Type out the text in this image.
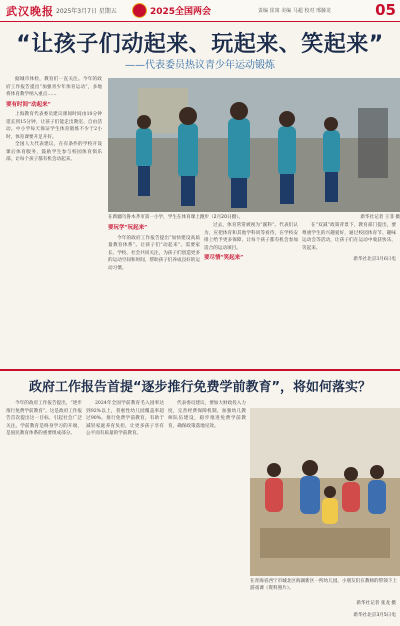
武汉晚报 2025年3月7日 星期五	2025全国两会	责编 崔寓 美编 马超 校对 邢藤龙	05
“让孩子们动起来、玩起来、笑起来”
——代表委员热议青少年运动锻炼

据城市体检，教育们一直关注。今年的政府工作报告提出“加强青少年体育运动”，多地将体育教学纳入重点……

要有时间“动起来”

上海教育代表委员建议课间时间由10分钟延长到15分钟，让孩子们能走出教室、自由活动。中小学每天保证学生体育锻炼不少于2小时，体育课要开足开好。

全国人大代表建议，在有条件的学校开设课后体育服务，鼓励学生参与校园体育俱乐部，让每个孩子都有机会动起来。

在新疆乌鲁木齐市第一小学，学生在体育课上跑步（2月20日摄）。	新华社记者 王菲 摄
要玩学“玩起来”

今年的政府工作报告提出“加快建设高质量教育体系”。让孩子们“动起来”、需要家长、学校、社会共同关注，为孩子们创造更多的运动空间和时间，帮助孩子们养成良好的运动习惯。

过去，体育常常被视为“副科”。代表们认为，应把体育和其他学科同等看待，在学校安排上给予更多保障，让每个孩子都有机会参加适合的运动项目。

要尽情“笑起来”

在“双减”政策背景下，教育部门提出，要尊重学生的兴趣爱好，通过校园体育节、趣味运动会等活动，让孩子们在运动中收获快乐，笑起来。

新华社北京3月6日电

政府工作报告首提“逐步推行免费学前教育”，将如何落实？

今年的政府工作报告提出，“逐步推行免费学前教育”。这是政府工作报告首次提出这一目标，引起社会广泛关注。学前教育是终身学习的开端，是国民教育体系的重要组成部分。

2024年全国学前教育毛入园率达到92%以上，普惠性幼儿园覆盖率超过90%。推行免费学前教育，有助于减轻家庭养育负担，让更多孩子享有公平而有质量的学前教育。

代表委员建议，要加大财政投入力度，完善经费保障机制，加强幼儿教师队伍建设，稳步推进免费学前教育，确保政策落地见效。

在青海省西宁市城北区海湖新区一所幼儿园，小朋友们在教师的带领下上游戏课（资料照片）。
新华社记者 张龙 摄
新华社北京3月5日电
